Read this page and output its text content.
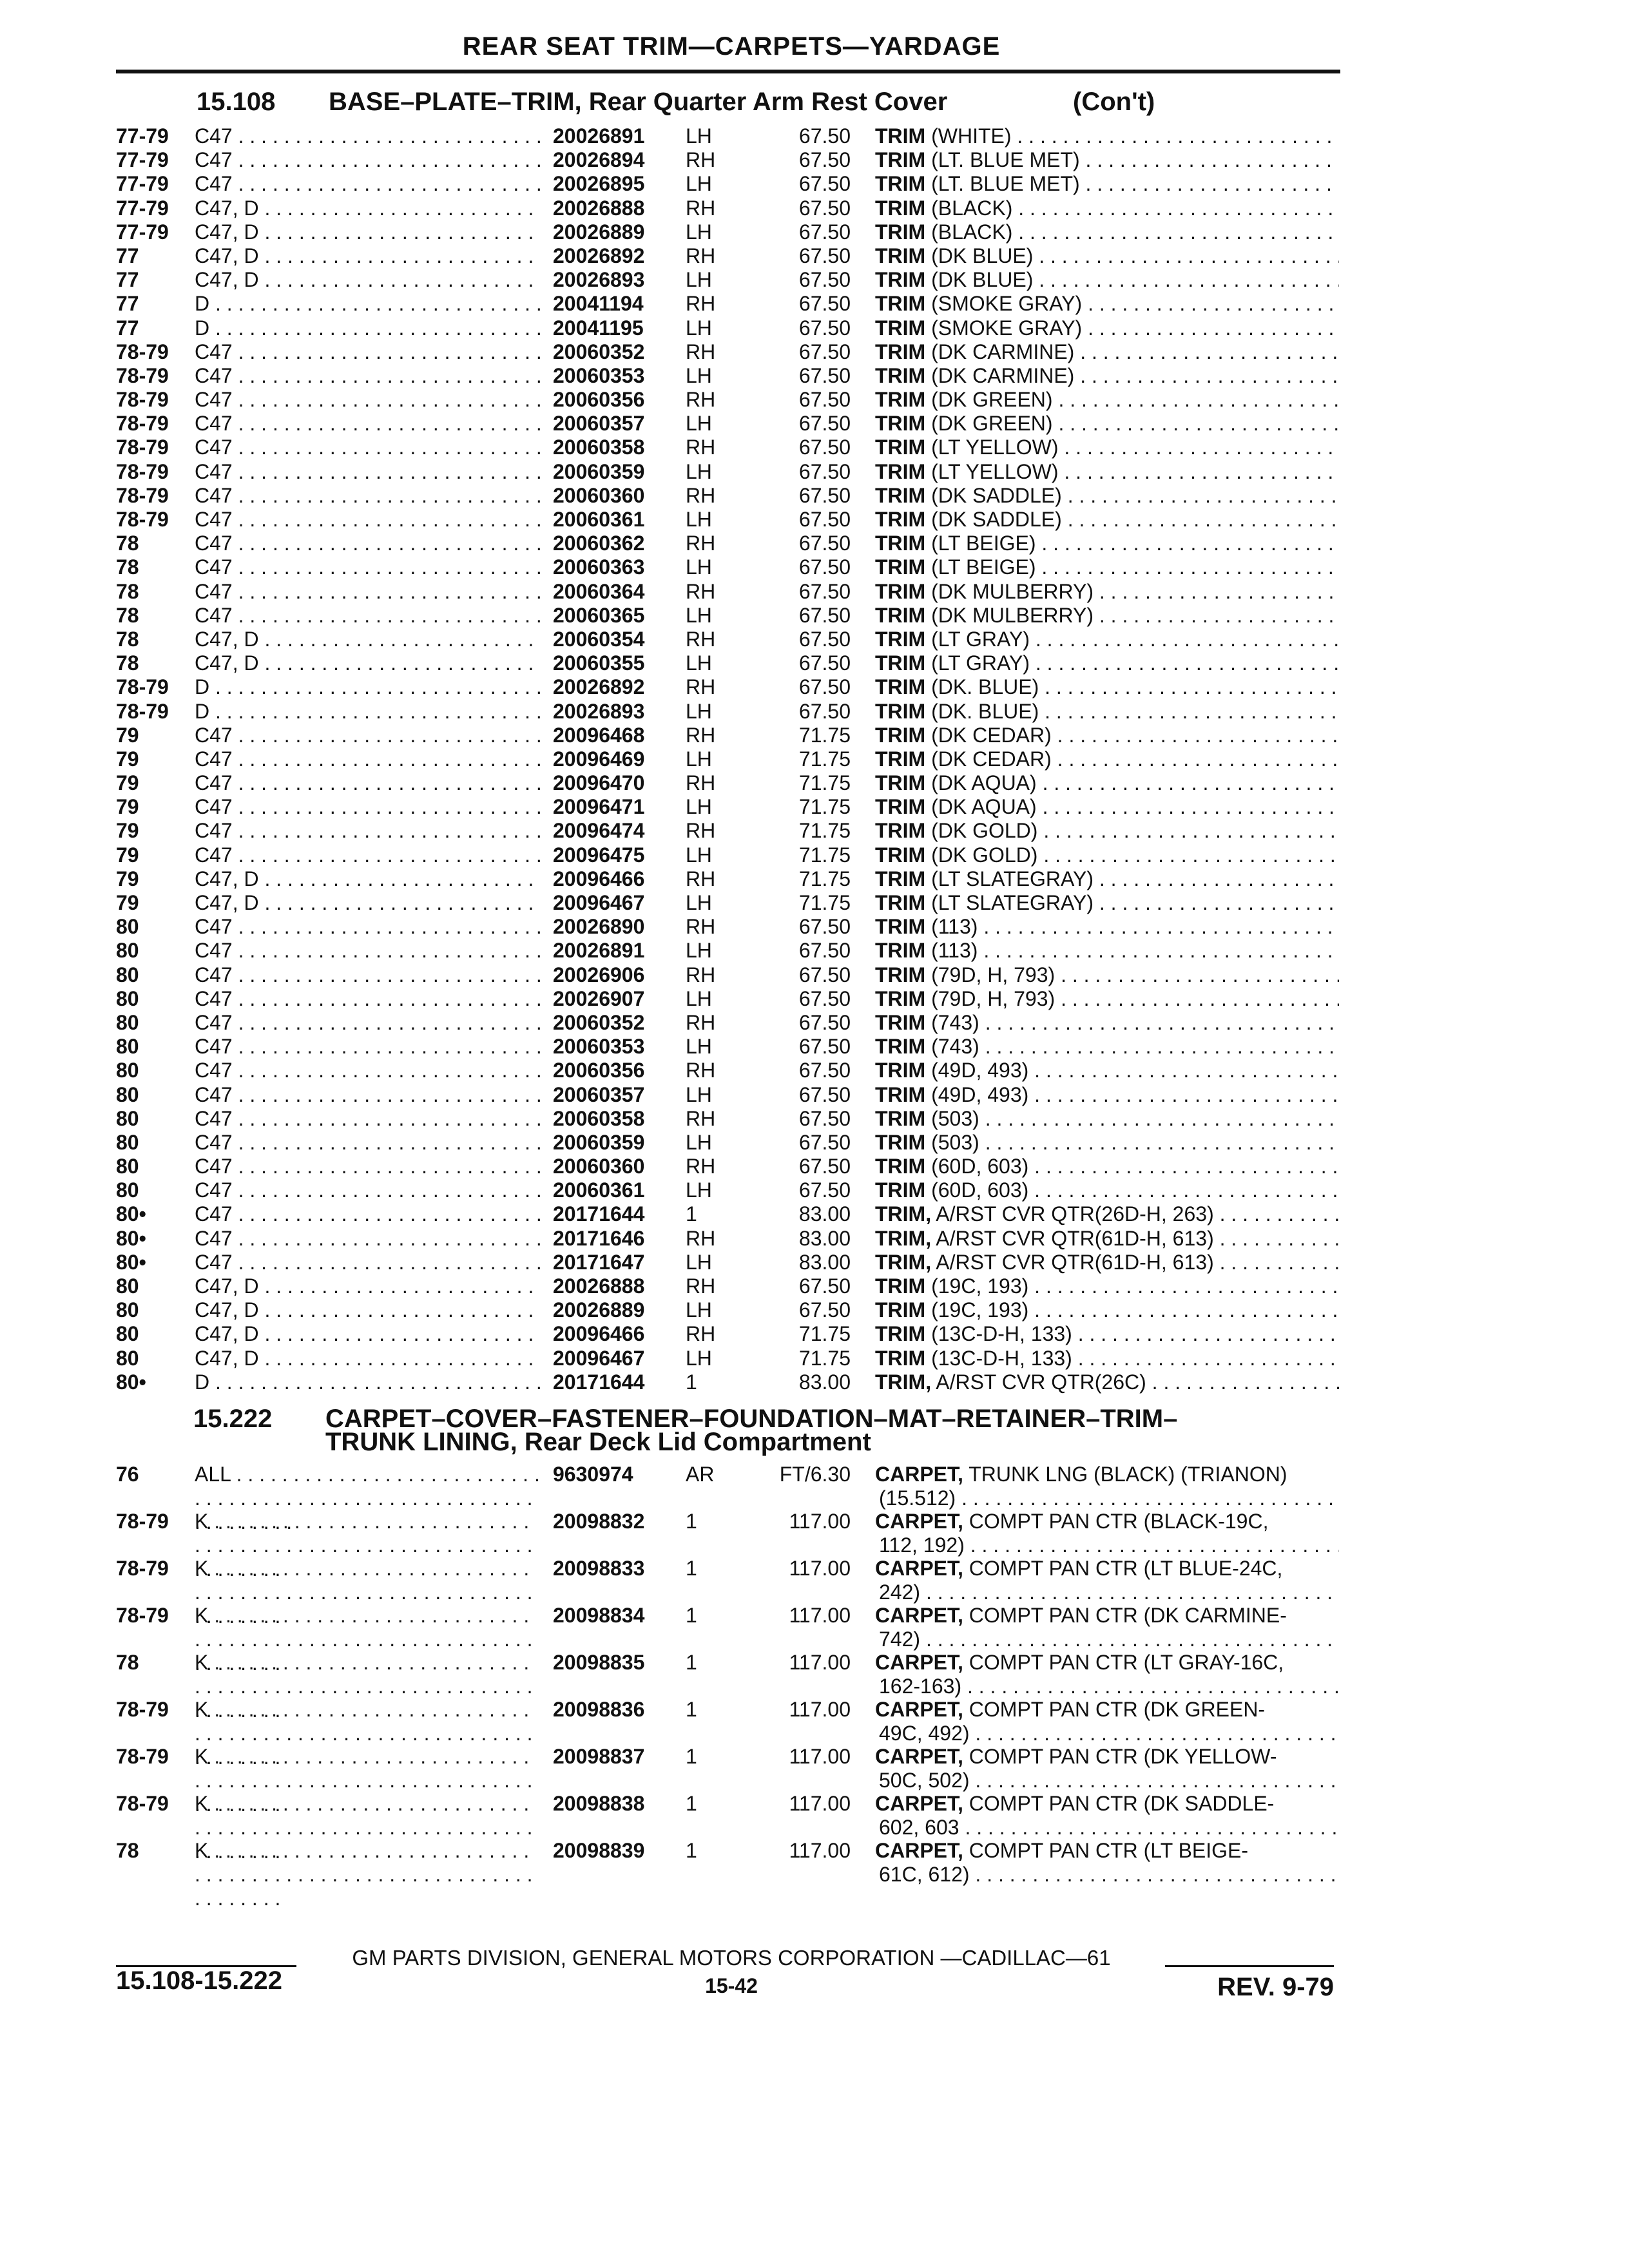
REAR SEAT TRIM—CARPETS—YARDAGE
15.108 BASE–PLATE–TRIM, Rear Quarter Arm Rest Cover	(Con't)
77-79	C47 . . .	20026891	LH	67.50 TRIM (WHITE) . . .
77-79	C47 . . .	20026894	RH	67.50 TRIM (LT. BLUE MET) . . .
77-79	C47 . . .	20026895	LH	67.50 TRIM (LT. BLUE MET) . . .
77-79	C47, D . . .	20026888	RH	67.50 TRIM (BLACK) . . .
77-79	C47, D . . .	20026889	LH	67.50 TRIM (BLACK) . . .
77	C47, D . . .	20026892	RH	67.50 TRIM (DK BLUE) . . .
77	C47, D . . .	20026893	LH	67.50 TRIM (DK BLUE) . . .
77	D . . .	20041194	RH	67.50 TRIM (SMOKE GRAY) . . .
77	D . . .	20041195	LH	67.50 TRIM (SMOKE GRAY) . . .
78-79	C47 . . .	20060352	RH	67.50 TRIM (DK CARMINE) . . .
78-79	C47 . . .	20060353	LH	67.50 TRIM (DK CARMINE) . . .
78-79	C47 . . .	20060356	RH	67.50 TRIM (DK GREEN) . . .
78-79	C47 . . .	20060357	LH	67.50 TRIM (DK GREEN) . . .
78-79	C47 . . .	20060358	RH	67.50 TRIM (LT YELLOW) . . .
78-79	C47 . . .	20060359	LH	67.50 TRIM (LT YELLOW) . . .
78-79	C47 . . .	20060360	RH	67.50 TRIM (DK SADDLE) . . .
78-79	C47 . . .	20060361	LH	67.50 TRIM (DK SADDLE) . . .
78	C47 . . .	20060362	RH	67.50 TRIM (LT BEIGE) . . .
78	C47 . . .	20060363	LH	67.50 TRIM (LT BEIGE) . . .
78	C47 . . .	20060364	RH	67.50 TRIM (DK MULBERRY) . . .
78	C47 . . .	20060365	LH	67.50 TRIM (DK MULBERRY) . . .
78	C47, D . . .	20060354	RH	67.50 TRIM (LT GRAY) . . .
78	C47, D . . .	20060355	LH	67.50 TRIM (LT GRAY) . . .
78-79	D . . .	20026892	RH	67.50 TRIM (DK. BLUE) . . .
78-79	D . . .	20026893	LH	67.50 TRIM (DK. BLUE) . . .
79	C47 . . .	20096468	RH	71.75 TRIM (DK CEDAR) . . .
79	C47 . . .	20096469	LH	71.75 TRIM (DK CEDAR) . . .
79	C47 . . .	20096470	RH	71.75 TRIM (DK AQUA) . . .
79	C47 . . .	20096471	LH	71.75 TRIM (DK AQUA) . . .
79	C47 . . .	20096474	RH	71.75 TRIM (DK GOLD) . . .
79	C47 . . .	20096475	LH	71.75 TRIM (DK GOLD) . . .
79	C47, D . . .	20096466	RH	71.75 TRIM (LT SLATEGRAY) . . .
79	C47, D . . .	20096467	LH	71.75 TRIM (LT SLATEGRAY) . . .
80	C47 . . .	20026890	RH	67.50 TRIM (113) . . .
80	C47 . . .	20026891	LH	67.50 TRIM (113) . . .
80	C47 . . .	20026906	RH	67.50 TRIM (79D, H, 793) . . .
80	C47 . . .	20026907	LH	67.50 TRIM (79D, H, 793) . . .
80	C47 . . .	20060352	RH	67.50 TRIM (743) . . .
80	C47 . . .	20060353	LH	67.50 TRIM (743) . . .
80	C47 . . .	20060356	RH	67.50 TRIM (49D, 493) . . .
80	C47 . . .	20060357	LH	67.50 TRIM (49D, 493) . . .
80	C47 . . .	20060358	RH	67.50 TRIM (503) . . .
80	C47 . . .	20060359	LH	67.50 TRIM (503) . . .
80	C47 . . .	20060360	RH	67.50 TRIM (60D, 603) . . .
80	C47 . . .	20060361	LH	67.50 TRIM (60D, 603) . . .
80•	C47 . . .	20171644	1	83.00 TRIM, A/RST CVR QTR(26D-H, 263) . . .
80•	C47 . . .	20171646	RH	83.00 TRIM, A/RST CVR QTR(61D-H, 613) . . .
80•	C47 . . .	20171647	LH	83.00 TRIM, A/RST CVR QTR(61D-H, 613) . . .
80	C47, D . . .	20026888	RH	67.50 TRIM (19C, 193) . . .
80	C47, D . . .	20026889	LH	67.50 TRIM (19C, 193) . . .
80	C47, D . . .	20096466	RH	71.75 TRIM (13C-D-H, 133) . . .
80	C47, D . . .	20096467	LH	71.75 TRIM (13C-D-H, 133) . . .
80•	D . . .	20171644	1	83.00 TRIM, A/RST CVR QTR(26C) . . .
15.222 CARPET–COVER–FASTENER–FOUNDATION–MAT–RETAINER–TRIM–
TRUNK LINING, Rear Deck Lid Compartment
76	ALL . . .	9630974	AR	FT/6.30 CARPET, TRUNK LNG (BLACK) (TRIANON)
(15.512) . . .
78-79	K . . .	20098832	1	117.00 CARPET, COMPT PAN CTR (BLACK-19C,
112, 192) . . .
78-79	K . . .	20098833	1	117.00 CARPET, COMPT PAN CTR (LT BLUE-24C,
242) . . .
78-79	K . . .	20098834	1	117.00 CARPET, COMPT PAN CTR (DK CARMINE-
742) . . .
78	K . . .	20098835	1	117.00 CARPET, COMPT PAN CTR (LT GRAY-16C,
162-163) . . .
78-79	K . . .	20098836	1	117.00 CARPET, COMPT PAN CTR (DK GREEN-
49C, 492) . . .
78-79	K . . .	20098837	1	117.00 CARPET, COMPT PAN CTR (DK YELLOW-
50C, 502) . . .
78-79	K . . .	20098838	1	117.00 CARPET, COMPT PAN CTR (DK SADDLE-
602, 603 . . .
78	K . . .	20098839	1	117.00 CARPET, COMPT PAN CTR (LT BEIGE-
61C, 612) . . .
GM PARTS DIVISION, GENERAL MOTORS CORPORATION —CADILLAC—61
15.108-15.222	15-42	REV. 9-79
